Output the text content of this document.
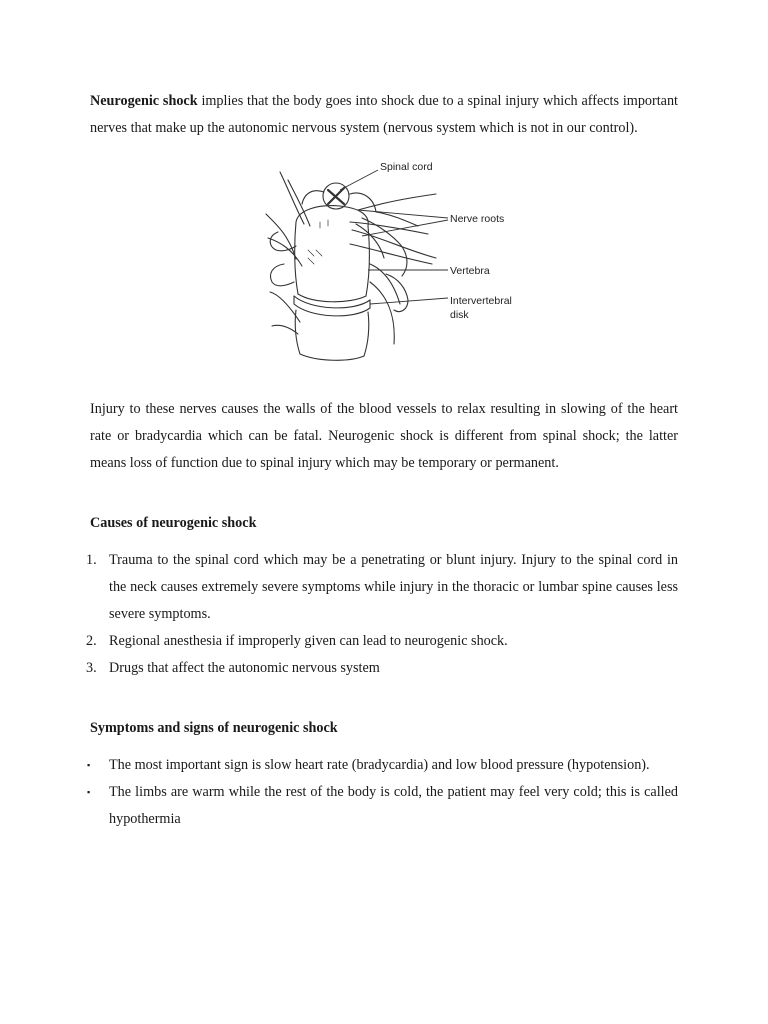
Neurogenic shock implies that the body goes into shock due to a spinal injury which affects important nerves that make up the autonomic nervous system (nervous system which is not in our control).

Spinal cord
Nerve roots
Vertebra
Intervertebral
disk

Injury to these nerves causes the walls of the blood vessels to relax resulting in slowing of the heart rate or bradycardia which can be fatal. Neurogenic shock is different from spinal shock; the latter means loss of function due to spinal injury which may be temporary or permanent.

Causes of neurogenic shock
1. Trauma to the spinal cord which may be a penetrating or blunt injury. Injury to the spinal cord in the neck causes extremely severe symptoms while injury in the thoracic or lumbar spine causes less severe symptoms.
2. Regional anesthesia if improperly given can lead to neurogenic shock.
3. Drugs that affect the autonomic nervous system
Symptoms and signs of neurogenic shock
▪ The most important sign is slow heart rate (bradycardia) and low blood pressure (hypotension).
▪ The limbs are warm while the rest of the body is cold, the patient may feel very cold; this is called hypothermia
